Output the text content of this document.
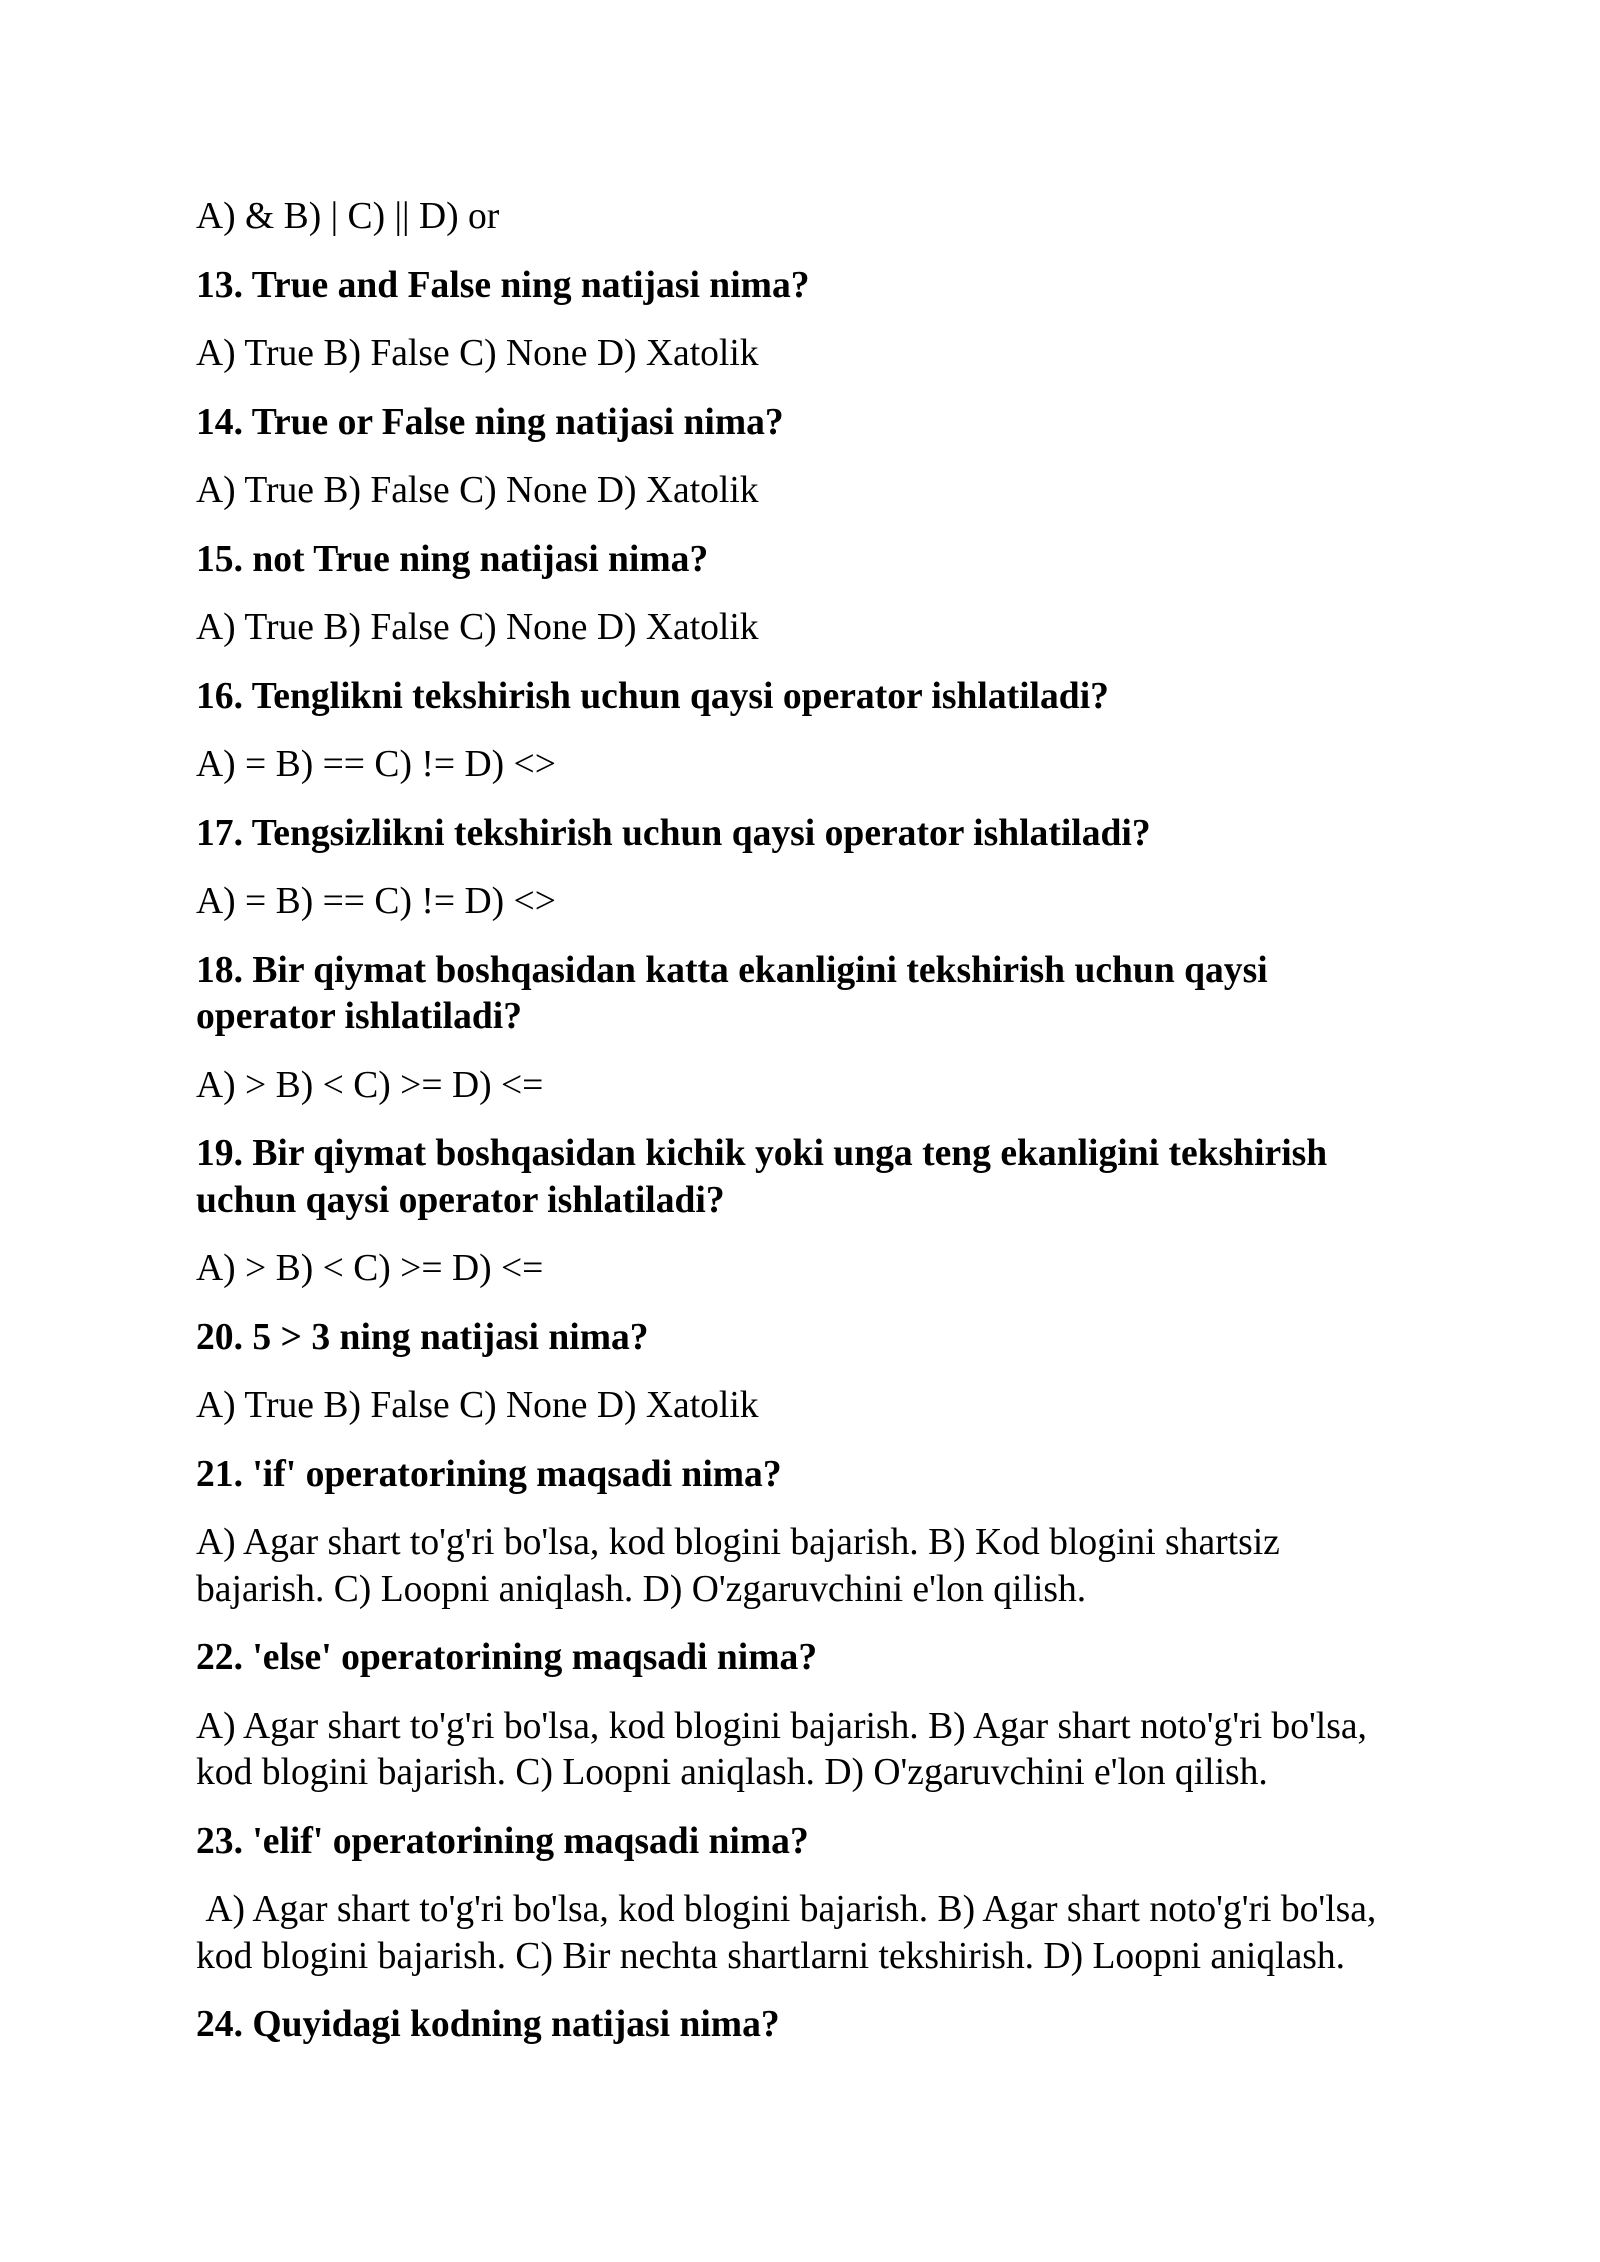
A) & B) | C) || D) or

13. True and False ning natijasi nima?

A) True B) False C) None D) Xatolik

14. True or False ning natijasi nima?

A) True B) False C) None D) Xatolik

15. not True ning natijasi nima?

A) True B) False C) None D) Xatolik

16. Tenglikni tekshirish uchun qaysi operator ishlatiladi?

A) = B) == C) != D) <>

17. Tengsizlikni tekshirish uchun qaysi operator ishlatiladi?

A) = B) == C) != D) <>

18. Bir qiymat boshqasidan katta ekanligini tekshirish uchun qaysi operator ishlatiladi?

A) > B) < C) >= D) <=

19. Bir qiymat boshqasidan kichik yoki unga teng ekanligini tekshirish uchun qaysi operator ishlatiladi?

A) > B) < C) >= D) <=

20. 5 > 3 ning natijasi nima?

A) True B) False C) None D) Xatolik

21. 'if' operatorining maqsadi nima?

A) Agar shart to'g'ri bo'lsa, kod blogini bajarish. B) Kod blogini shartsiz bajarish. C) Loopni aniqlash. D) O'zgaruvchini e'lon qilish.

22. 'else' operatorining maqsadi nima?

A) Agar shart to'g'ri bo'lsa, kod blogini bajarish. B) Agar shart noto'g'ri bo'lsa, kod blogini bajarish. C) Loopni aniqlash. D) O'zgaruvchini e'lon qilish.

23. 'elif' operatorining maqsadi nima?

A) Agar shart to'g'ri bo'lsa, kod blogini bajarish. B) Agar shart noto'g'ri bo'lsa, kod blogini bajarish. C) Bir nechta shartlarni tekshirish. D) Loopni aniqlash.

24. Quyidagi kodning natijasi nima?
